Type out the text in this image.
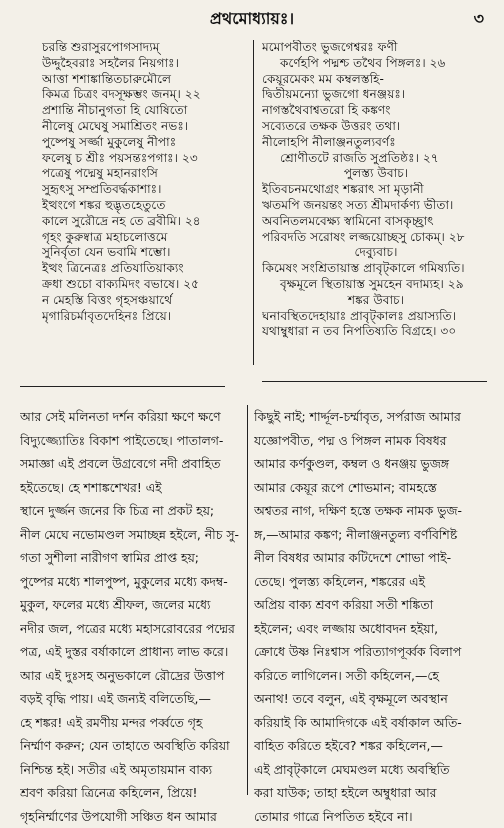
প্রথমোধ্যায়ঃ।	৩
চরন্তি শুরাসুরপোগসাদ্যম্
উদ্দুহৈবরাঃ সহলৈর নিয়গাঃ।
আত্তা শশাঙ্কান্তিতচারুমৌলে
কিমত্র চিত্রং বদসূক্ষম্ভং জনম্। ২২
প্রশান্তি নীচানুগতা হি যোষিতো
নীলেষু মেঘেষু সমাশ্রিতং নভঃ।
পুষ্পেষু সর্জ্জা মুকুলেষু নীপাঃ
ফলেষু চ শ্রীঃ পয়সন্তঃপগাঃ। ২৩
পত্রেষু পদ্মেষু মহানরাংসি
সুহৃৎসু সম্প্রতিবর্দ্ধকাশাঃ।
ইত্থংগে শঙ্কর হুদ্ভৃতহেতুতে
কালে সুরৌদ্রে নহ তে ব্রবীমি। ২৪
গৃহং কুরুষ্বাত্র মহাচলোত্তমে
সুনির্বৃতা যেন ভবামি শম্ভো।
ইত্থং ত্রিনেত্রঃ প্রতিযাতিয়াক্যং
ক্রধা শুচো বাক্যমিদং বভাষে। ২৫
ন মেহস্তি বিত্তং গৃহসঞ্চয়ার্থে
মৃগারিচর্মাবৃতদেহিনঃ প্রিয়ে।
মমোপবীতং ভুজগেশ্বরঃ ফণী
কর্ণেহপি পদ্মশ্চ তথৈব পিঙ্গলঃ। ২৬
কেয়ূরমেকং মম কম্বলস্তহি-
দ্বিতীয়মন্যো ভুজগো ধনঞ্জয়ঃ।
নাগস্তথৈবাশ্বতরো হি কঙ্কণং
সব্যেতরে তক্ষক উত্তরং তথা।
নীলোহপি নীলাঞ্জনতুল্যবর্ণঃ
শ্রোণীতটে রাজতি সুপ্রতিষ্ঠঃ। ২৭
পুলস্ত্য উবাচ।
ইতিবচনমথোগ্রং শঙ্করাৎ সা মৃড়ানী
ঋতমপি জনয়ন্তং সত্য শ্রীমদার্কণ্য ভীতা।
অবনিতলমবেক্ষ্য স্বামিনো বাসকৃচ্ছ্রাৎ
পরিবদতি সরোষং লজ্জয়োচ্ছসু চোকম্। ২৮
দেব্যুবাচ।
কিমেষং সংশ্রিতায়াস্ত প্রাবৃট্কালে গমিষ্যতি।
বৃক্ষমূলে স্থিতায়াস্ত সুমহেন বদাম্যহ। ২৯
শঙ্কর উবাচ।
ঘনাবস্থিতদেহায়াঃ প্রাবৃট্কালঃ প্রয়াস্যতি।
যথাম্বুধারা ন তব নিপতিষ্যতি বিগ্রহে। ৩০
আর সেই মলিনতা দর্শন করিয়া ক্ষণে ক্ষণে
বিদ্যুজ্জ্যোতিঃ বিকাশ পাইতেছে। পাতালগ-
সমাজ্ঞা এই প্রবলে উগ্রবেগে নদী প্রবাহিত
হইতেছে। হে শশাঙ্কশেখর! এই
স্থানে দুর্জ্জন জনের কি চিত্র না প্রকট হয়;
নীল মেঘে নভোমণ্ডল সমাচ্ছন্ন হইলে, নীচ সু-
গতা সুশীলা নারীগণ স্বামির প্রাপ্ত হয়;
পুষ্পের মধ্যে শালপুষ্প, মুকুলের মধ্যে কদম্ব-
মুকুল, ফলের মধ্যে শ্রীফল, জলের মধ্যে
নদীর জল, পত্রের মধ্যে মহাসরোবরের পদ্মের
পত্র, এই দুস্তর বর্ষাকালে প্রাধান্য লাভ করে।
আর এই দুঃসহ অনুভকালে রৌদ্রের উত্তাপ
বড়ই বৃদ্ধি পায়। এই জন্যই বলিতেছি,—
হে শঙ্কর! এই রমণীয় মন্দর পর্ব্বতে গৃহ
নির্ম্মাণ করুন; যেন তাহাতে অবস্থিতি করিয়া
নিশ্চিন্ত হই। সতীর এই অমৃতায়মান বাক্য
শ্রবণ করিয়া ত্রিনেত্র কহিলেন, প্রিয়ে!
গৃহনির্ম্মাণের উপযোগী সঞ্চিত ধন আমার
কিছুই নাই; শার্দ্দূল-চর্ম্মাবৃত, সর্পরাজ আমার
যজ্ঞোপবীত, পদ্ম ও পিঙ্গল নামক বিষধর
আমার কর্ণকুণ্ডল, কম্বল ও ধনঞ্জয় ভুজঙ্গ
আমার কেয়ূর রূপে শোভমান; বামহস্তে
অশ্বতর নাগ, দক্ষিণ হস্তে তক্ষক নামক ভুজ-
ঙ্গ,—আমার কঙ্কণ; নীলাঞ্জনতুল্য বর্ণবিশিষ্ট
নীল বিষধর আমার কটিদেশে শোভা পাই-
তেছে। পুলস্ত্য কহিলেন, শঙ্করের এই
অপ্রিয় বাক্য শ্রবণ করিয়া সতী শঙ্কিতা
হইলেন; এবং লজ্জায় অধোবদন হইয়া,
ক্রোধে উষ্ণ নিঃশ্বাস পরিত্যাগপূর্ব্বক বিলাপ
করিতে লাগিলেন। সতী কহিলেন,—হে
অনাথ! তবে বলুন, এই বৃক্ষমূলে অবস্থান
করিয়াই কি আমাদিগকে এই বর্ষাকাল অতি-
বাহিত করিতে হইবে? শঙ্কর কহিলেন,—
এই প্রাবৃট্কালে মেঘমণ্ডল মধ্যে অবস্থিতি
করা যাউক; তাহা হইলে অম্বুধারা আর
তোমার গাত্রে নিপতিত হইবে না।
